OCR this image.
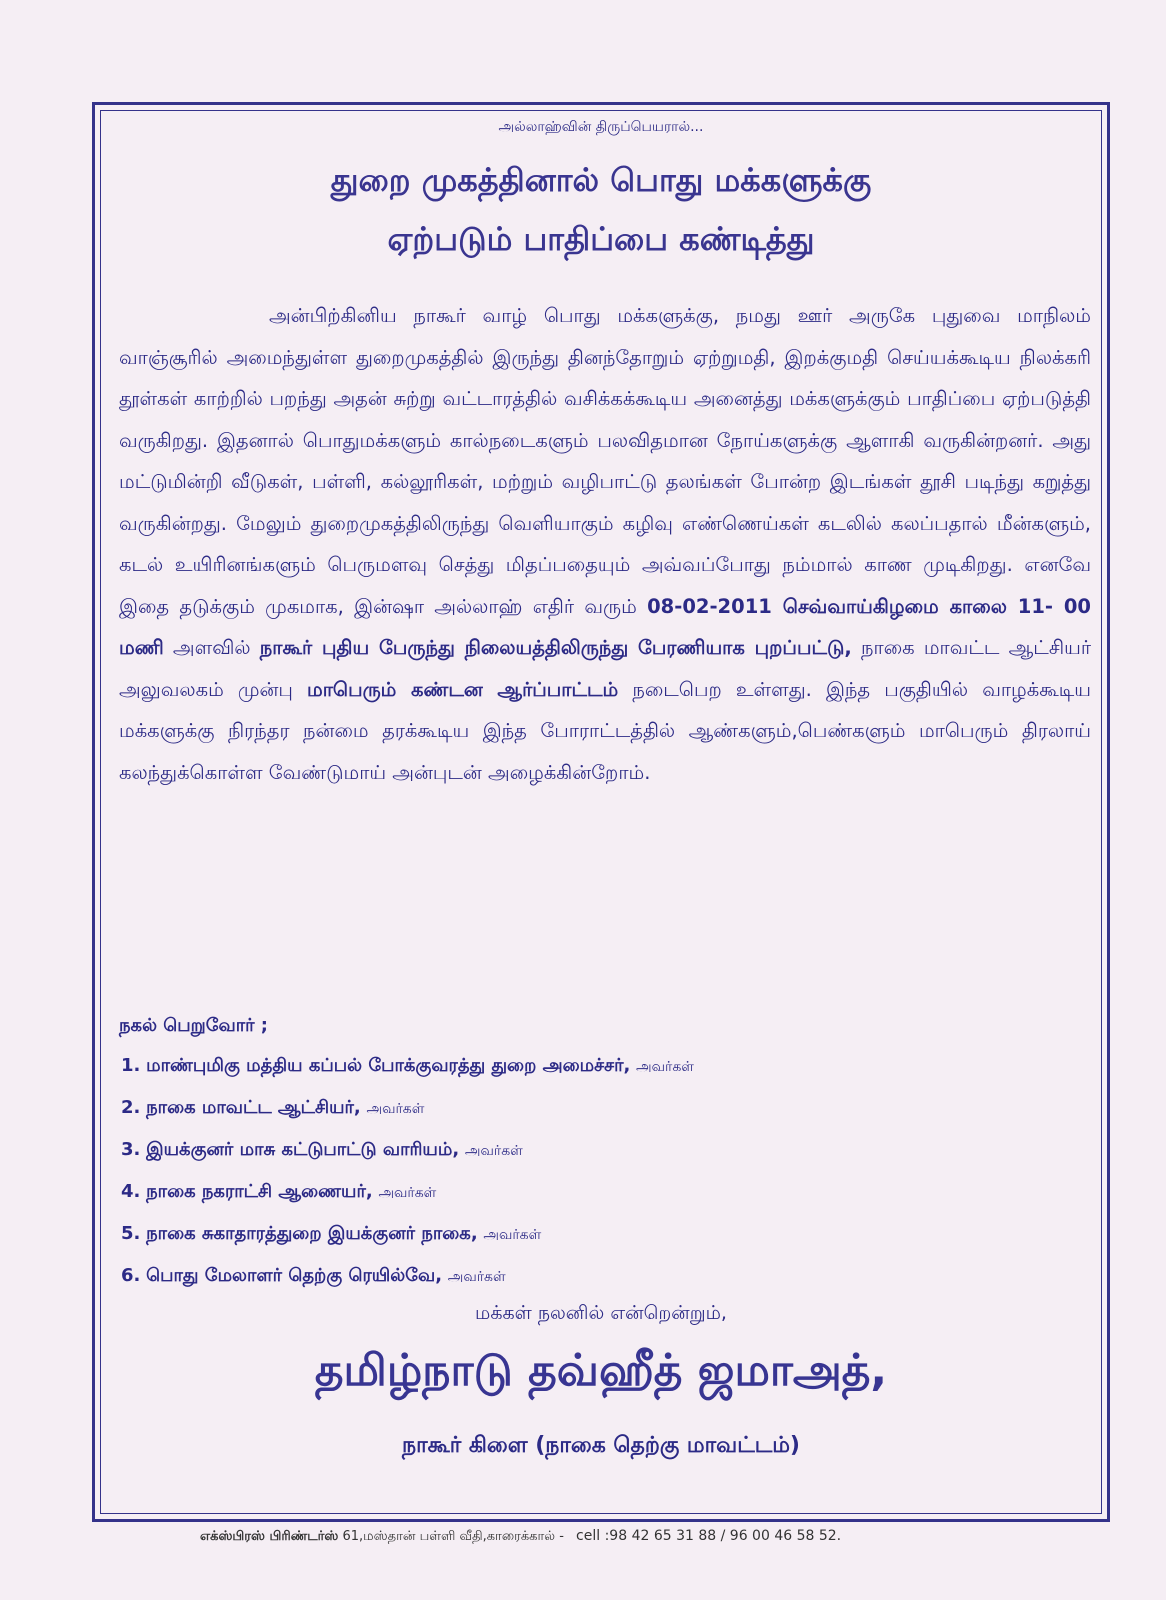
அல்லாஹ்வின் திருப்பெயரால்...
துறை முகத்தினால் பொது மக்களுக்கு
ஏற்படும் பாதிப்பை கண்டித்து

அன்பிற்கினிய நாகூர் வாழ் பொது மக்களுக்கு, நமது ஊர் அருகே புதுவை மாநிலம் வாஞ்சூரில் அமைந்துள்ள துறைமுகத்தில் இருந்து தினந்தோறும் ஏற்றுமதி, இறக்குமதி செய்யக்கூடிய நிலக்கரி தூள்கள் காற்றில் பறந்து அதன் சுற்று வட்டாரத்தில் வசிக்கக்கூடிய அனைத்து மக்களுக்கும் பாதிப்பை ஏற்படுத்தி வருகிறது. இதனால் பொதுமக்களும் கால்நடைகளும் பலவிதமான நோய்களுக்கு ஆளாகி வருகின்றனர். அது மட்டுமின்றி வீடுகள், பள்ளி, கல்லூரிகள், மற்றும் வழிபாட்டு தலங்கள் போன்ற இடங்கள் தூசி படிந்து கறுத்து வருகின்றது. மேலும் துறைமுகத்திலிருந்து வெளியாகும் கழிவு எண்ணெய்கள் கடலில் கலப்பதால் மீன்களும், கடல் உயிரினங்களும் பெருமளவு செத்து மிதப்பதையும் அவ்வப்போது நம்மால் காண முடிகிறது. எனவே இதை தடுக்கும் முகமாக, இன்ஷா அல்லாஹ் எதிர் வரும் 08-02-2011 செவ்வாய்கிழமை காலை 11- 00 மணி அளவில் நாகூர் புதிய பேருந்து நிலையத்திலிருந்து பேரணியாக புறப்பட்டு, நாகை மாவட்ட ஆட்சியர் அலுவலகம் முன்பு மாபெரும் கண்டன ஆர்ப்பாட்டம் நடைபெற உள்ளது. இந்த பகுதியில் வாழக்கூடிய மக்களுக்கு நிரந்தர நன்மை தரக்கூடிய இந்த போராட்டத்தில் ஆண்களும்,பெண்களும் மாபெரும் திரலாய் கலந்துக்கொள்ள வேண்டுமாய் அன்புடன் அழைக்கின்றோம்.

நகல் பெறுவோர் ;
1. மாண்புமிகு மத்திய கப்பல் போக்குவரத்து துறை அமைச்சர், அவர்கள்
2. நாகை மாவட்ட ஆட்சியர், அவர்கள்
3. இயக்குனர் மாசு கட்டுபாட்டு வாரியம், அவர்கள்
4. நாகை நகராட்சி ஆணையர், அவர்கள்
5. நாகை சுகாதாரத்துறை இயக்குனர் நாகை, அவர்கள்
6. பொது மேலாளர் தெற்கு ரெயில்வே, அவர்கள்
மக்கள் நலனில் என்றென்றும்,
தமிழ்நாடு தவ்ஹீத் ஜமாஅத்,
நாகூர் கிளை (நாகை தெற்கு மாவட்டம்)
எக்ஸ்பிரஸ் பிரிண்டர்ஸ் 61,மஸ்தான் பள்ளி வீதி,காரைக்கால் - cell :98 42 65 31 88 / 96 00 46 58 52.
